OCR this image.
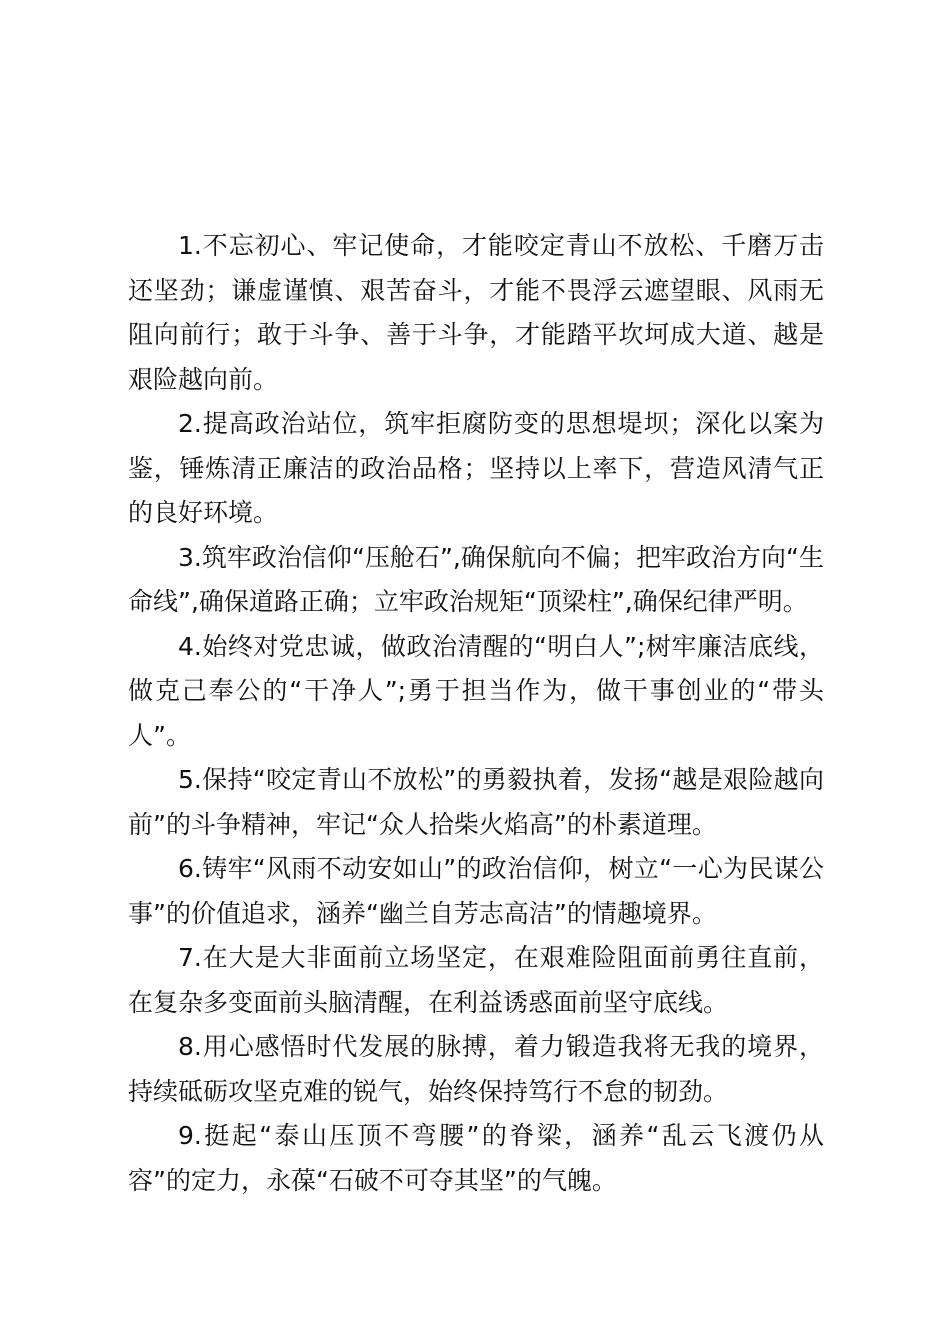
1.不忘初心、牢记使命，才能咬定青山不放松、千磨万击还坚劲；谦虚谨慎、艰苦奋斗，才能不畏浮云遮望眼、风雨无阻向前行；敢于斗争、善于斗争，才能踏平坎坷成大道、越是艰险越向前。

2.提高政治站位，筑牢拒腐防变的思想堤坝；深化以案为鉴，锤炼清正廉洁的政治品格；坚持以上率下，营造风清气正的良好环境。

3.筑牢政治信仰“压舱石”,确保航向不偏；把牢政治方向“生命线”,确保道路正确；立牢政治规矩“顶梁柱”,确保纪律严明。

4.始终对党忠诚，做政治清醒的“明白人”;树牢廉洁底线，做克己奉公的“干净人”;勇于担当作为，做干事创业的“带头人”。

5.保持“咬定青山不放松”的勇毅执着，发扬“越是艰险越向前”的斗争精神，牢记“众人拾柴火焰高”的朴素道理。

6.铸牢“风雨不动安如山”的政治信仰，树立“一心为民谋公事”的价值追求，涵养“幽兰自芳志高洁”的情趣境界。

7.在大是大非面前立场坚定，在艰难险阻面前勇往直前，在复杂多变面前头脑清醒，在利益诱惑面前坚守底线。

8.用心感悟时代发展的脉搏，着力锻造我将无我的境界，持续砥砺攻坚克难的锐气，始终保持笃行不怠的韧劲。

9.挺起“泰山压顶不弯腰”的脊梁，涵养“乱云飞渡仍从容”的定力，永葆“石破不可夺其坚”的气魄。
